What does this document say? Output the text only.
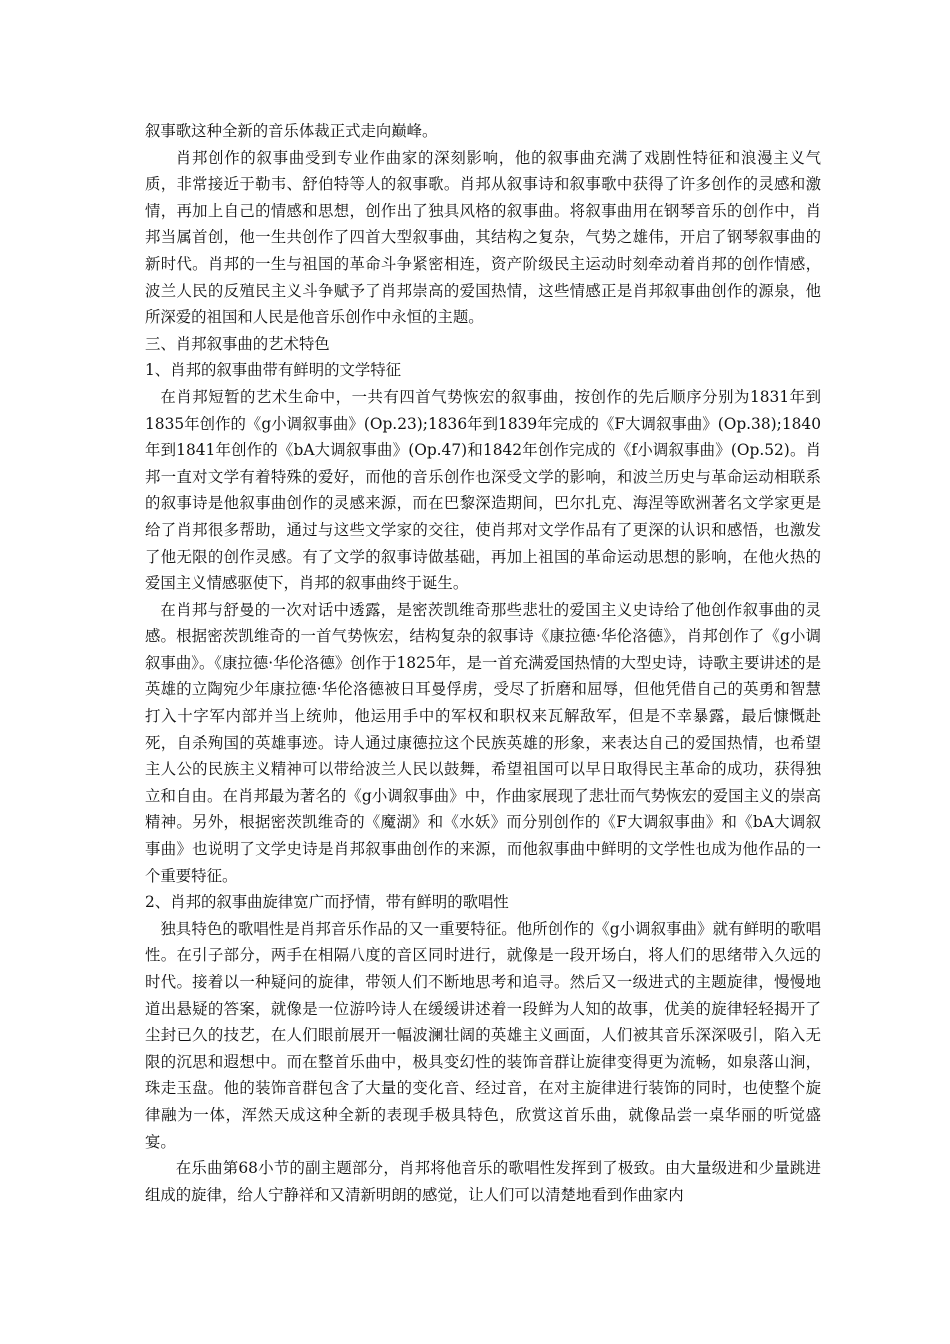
叙事歌这种全新的音乐体裁正式走向巅峰。

肖邦创作的叙事曲受到专业作曲家的深刻影响，他的叙事曲充满了戏剧性特征和浪漫主义气质，非常接近于勒韦、舒伯特等人的叙事歌。肖邦从叙事诗和叙事歌中获得了许多创作的灵感和激情，再加上自己的情感和思想，创作出了独具风格的叙事曲。将叙事曲用在钢琴音乐的创作中，肖邦当属首创，他一生共创作了四首大型叙事曲，其结构之复杂，气势之雄伟，开启了钢琴叙事曲的新时代。肖邦的一生与祖国的革命斗争紧密相连，资产阶级民主运动时刻牵动着肖邦的创作情感，波兰人民的反殖民主义斗争赋予了肖邦崇高的爱国热情，这些情感正是肖邦叙事曲创作的源泉，他所深爱的祖国和人民是他音乐创作中永恒的主题。

三、肖邦叙事曲的艺术特色

1、肖邦的叙事曲带有鲜明的文学特征

在肖邦短暂的艺术生命中，一共有四首气势恢宏的叙事曲，按创作的先后顺序分别为1831年到1835年创作的《g小调叙事曲》(Op.23);1836年到1839年完成的《F大调叙事曲》(Op.38);1840年到1841年创作的《bA大调叙事曲》(Op.47)和1842年创作完成的《f小调叙事曲》(Op.52)。肖邦一直对文学有着特殊的爱好，而他的音乐创作也深受文学的影响，和波兰历史与革命运动相联系的叙事诗是他叙事曲创作的灵感来源，而在巴黎深造期间，巴尔扎克、海涅等欧洲著名文学家更是给了肖邦很多帮助，通过与这些文学家的交往，使肖邦对文学作品有了更深的认识和感悟，也激发了他无限的创作灵感。有了文学的叙事诗做基础，再加上祖国的革命运动思想的影响，在他火热的爱国主义情感驱使下，肖邦的叙事曲终于诞生。

在肖邦与舒曼的一次对话中透露，是密茨凯维奇那些悲壮的爱国主义史诗给了他创作叙事曲的灵感。根据密茨凯维奇的一首气势恢宏，结构复杂的叙事诗《康拉德·华伦洛德》，肖邦创作了《g小调叙事曲》。《康拉德·华伦洛德》创作于1825年，是一首充满爱国热情的大型史诗，诗歌主要讲述的是英雄的立陶宛少年康拉德·华伦洛德被日耳曼俘虏，受尽了折磨和屈辱，但他凭借自己的英勇和智慧打入十字军内部并当上统帅，他运用手中的军权和职权来瓦解敌军，但是不幸暴露，最后慷慨赴死，自杀殉国的英雄事迹。诗人通过康德拉这个民族英雄的形象，来表达自己的爱国热情，也希望主人公的民族主义精神可以带给波兰人民以鼓舞，希望祖国可以早日取得民主革命的成功，获得独立和自由。在肖邦最为著名的《g小调叙事曲》中，作曲家展现了悲壮而气势恢宏的爱国主义的崇高精神。另外，根据密茨凯维奇的《魔湖》和《水妖》而分别创作的《F大调叙事曲》和《bA大调叙事曲》也说明了文学史诗是肖邦叙事曲创作的来源，而他叙事曲中鲜明的文学性也成为他作品的一个重要特征。

2、肖邦的叙事曲旋律宽广而抒情，带有鲜明的歌唱性

独具特色的歌唱性是肖邦音乐作品的又一重要特征。他所创作的《g小调叙事曲》就有鲜明的歌唱性。在引子部分，两手在相隔八度的音区同时进行，就像是一段开场白，将人们的思绪带入久远的时代。接着以一种疑问的旋律，带领人们不断地思考和追寻。然后又一级进式的主题旋律，慢慢地道出悬疑的答案，就像是一位游吟诗人在缓缓讲述着一段鲜为人知的故事，优美的旋律轻轻揭开了尘封已久的技艺，在人们眼前展开一幅波澜壮阔的英雄主义画面，人们被其音乐深深吸引，陷入无限的沉思和遐想中。而在整首乐曲中，极具变幻性的装饰音群让旋律变得更为流畅，如泉落山涧，珠走玉盘。他的装饰音群包含了大量的变化音、经过音，在对主旋律进行装饰的同时，也使整个旋律融为一体，浑然天成这种全新的表现手极具特色，欣赏这首乐曲，就像品尝一桌华丽的听觉盛宴。

在乐曲第68小节的副主题部分，肖邦将他音乐的歌唱性发挥到了极致。由大量级进和少量跳进组成的旋律，给人宁静祥和又清新明朗的感觉，让人们可以清楚地看到作曲家内
